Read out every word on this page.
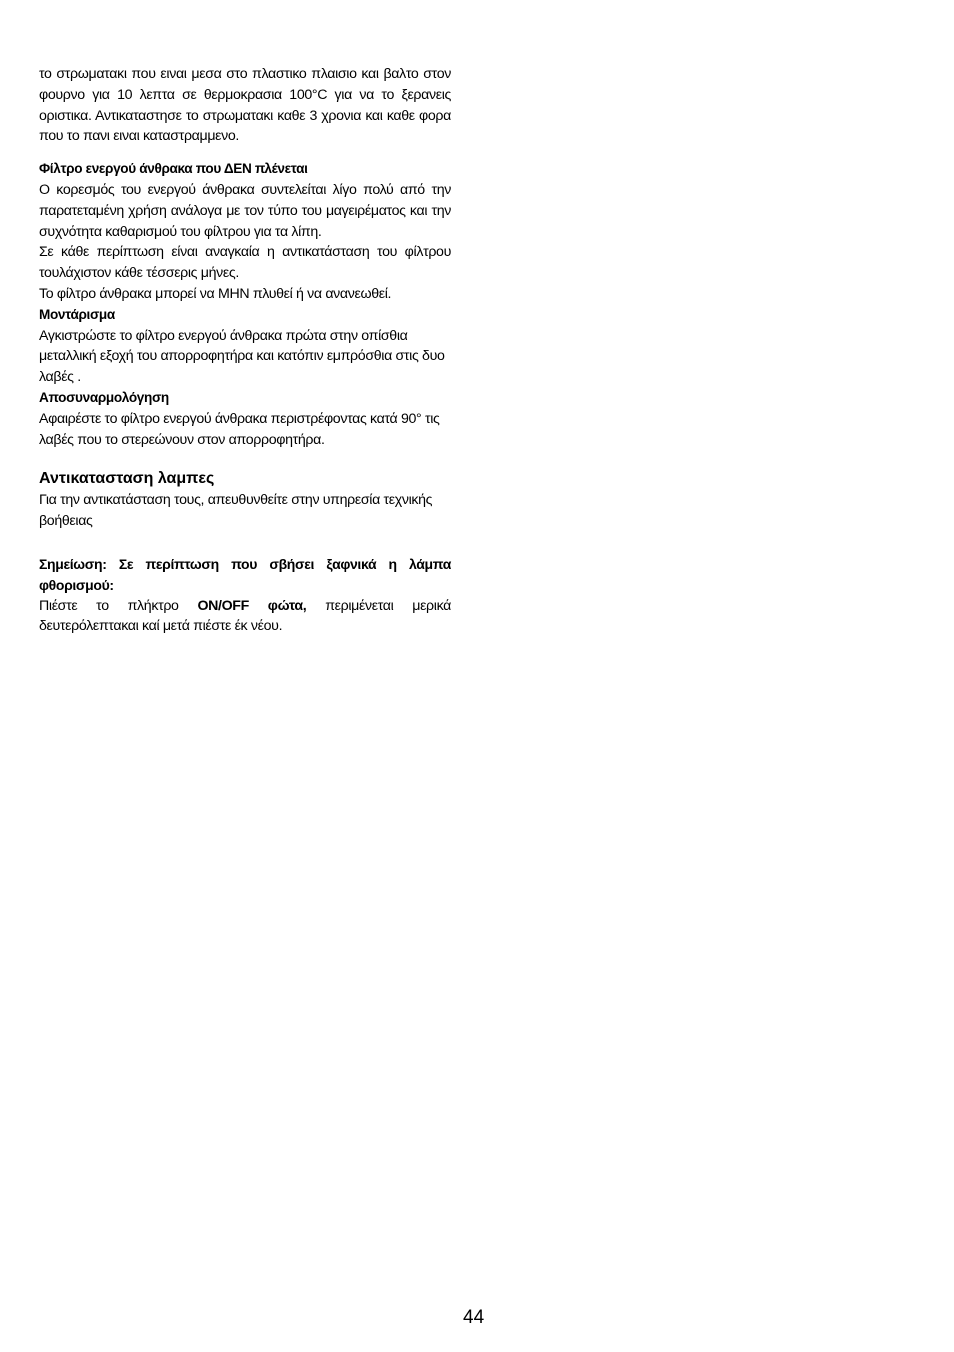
το στρωματακι που ειναι μεσα στο πλαστικο πλαισιο και βαλτο στον φουρνο για 10 λεπτα σε θερμοκρασια 100°C για να το ξερανεις οριστικα. Αντικαταστησε το στρωματακι καθε 3 χρονια και καθε φορα που το πανι ειναι καταστραμμενο.

Φίλτρο ενεργού άνθρακα που ΔΕΝ πλένεται

Ο κορεσμός του ενεργού άνθρακα συντελείται λίγο πολύ από την παρατεταμένη χρήση ανάλογα με τον τύπο του μαγειρέματος και την συχνότητα καθαρισμού του φίλτρου για τα λίπη.

Σε κάθε περίπτωση είναι αναγκαία η αντικατάσταση του φίλτρου τουλάχιστον κάθε τέσσερις μήνες.

Το φίλτρο άνθρακα μπορεί να ΜΗΝ πλυθεί ή να ανανεωθεί.

Μοντάρισμα

Αγκιστρώστε το φίλτρο ενεργού άνθρακα πρώτα στην οπίσθια μεταλλική εξοχή του απορροφητήρα και κατόπιν εμπρόσθια στις δυο λαβές .

Αποσυναρμολόγηση

Αφαιρέστε το φίλτρο ενεργού άνθρακα περιστρέφοντας κατά 90° τις λαβές που το στερεώνουν στον απορροφητήρα.

Αντικατασταση λαμπες

Για την αντικατάσταση τους, απευθυνθείτε στην υπηρεσία τεχνικής βοήθειας

Σημείωση: Σε περίπτωση που σβήσει ξαφνικά η λάμπα φθορισμού:

Πιέστε το πλήκτρο ON/OFF φώτα, περιμένεται μερικά δευτερόλεπτακαι καί μετά πιέστε έκ νέου.

44
